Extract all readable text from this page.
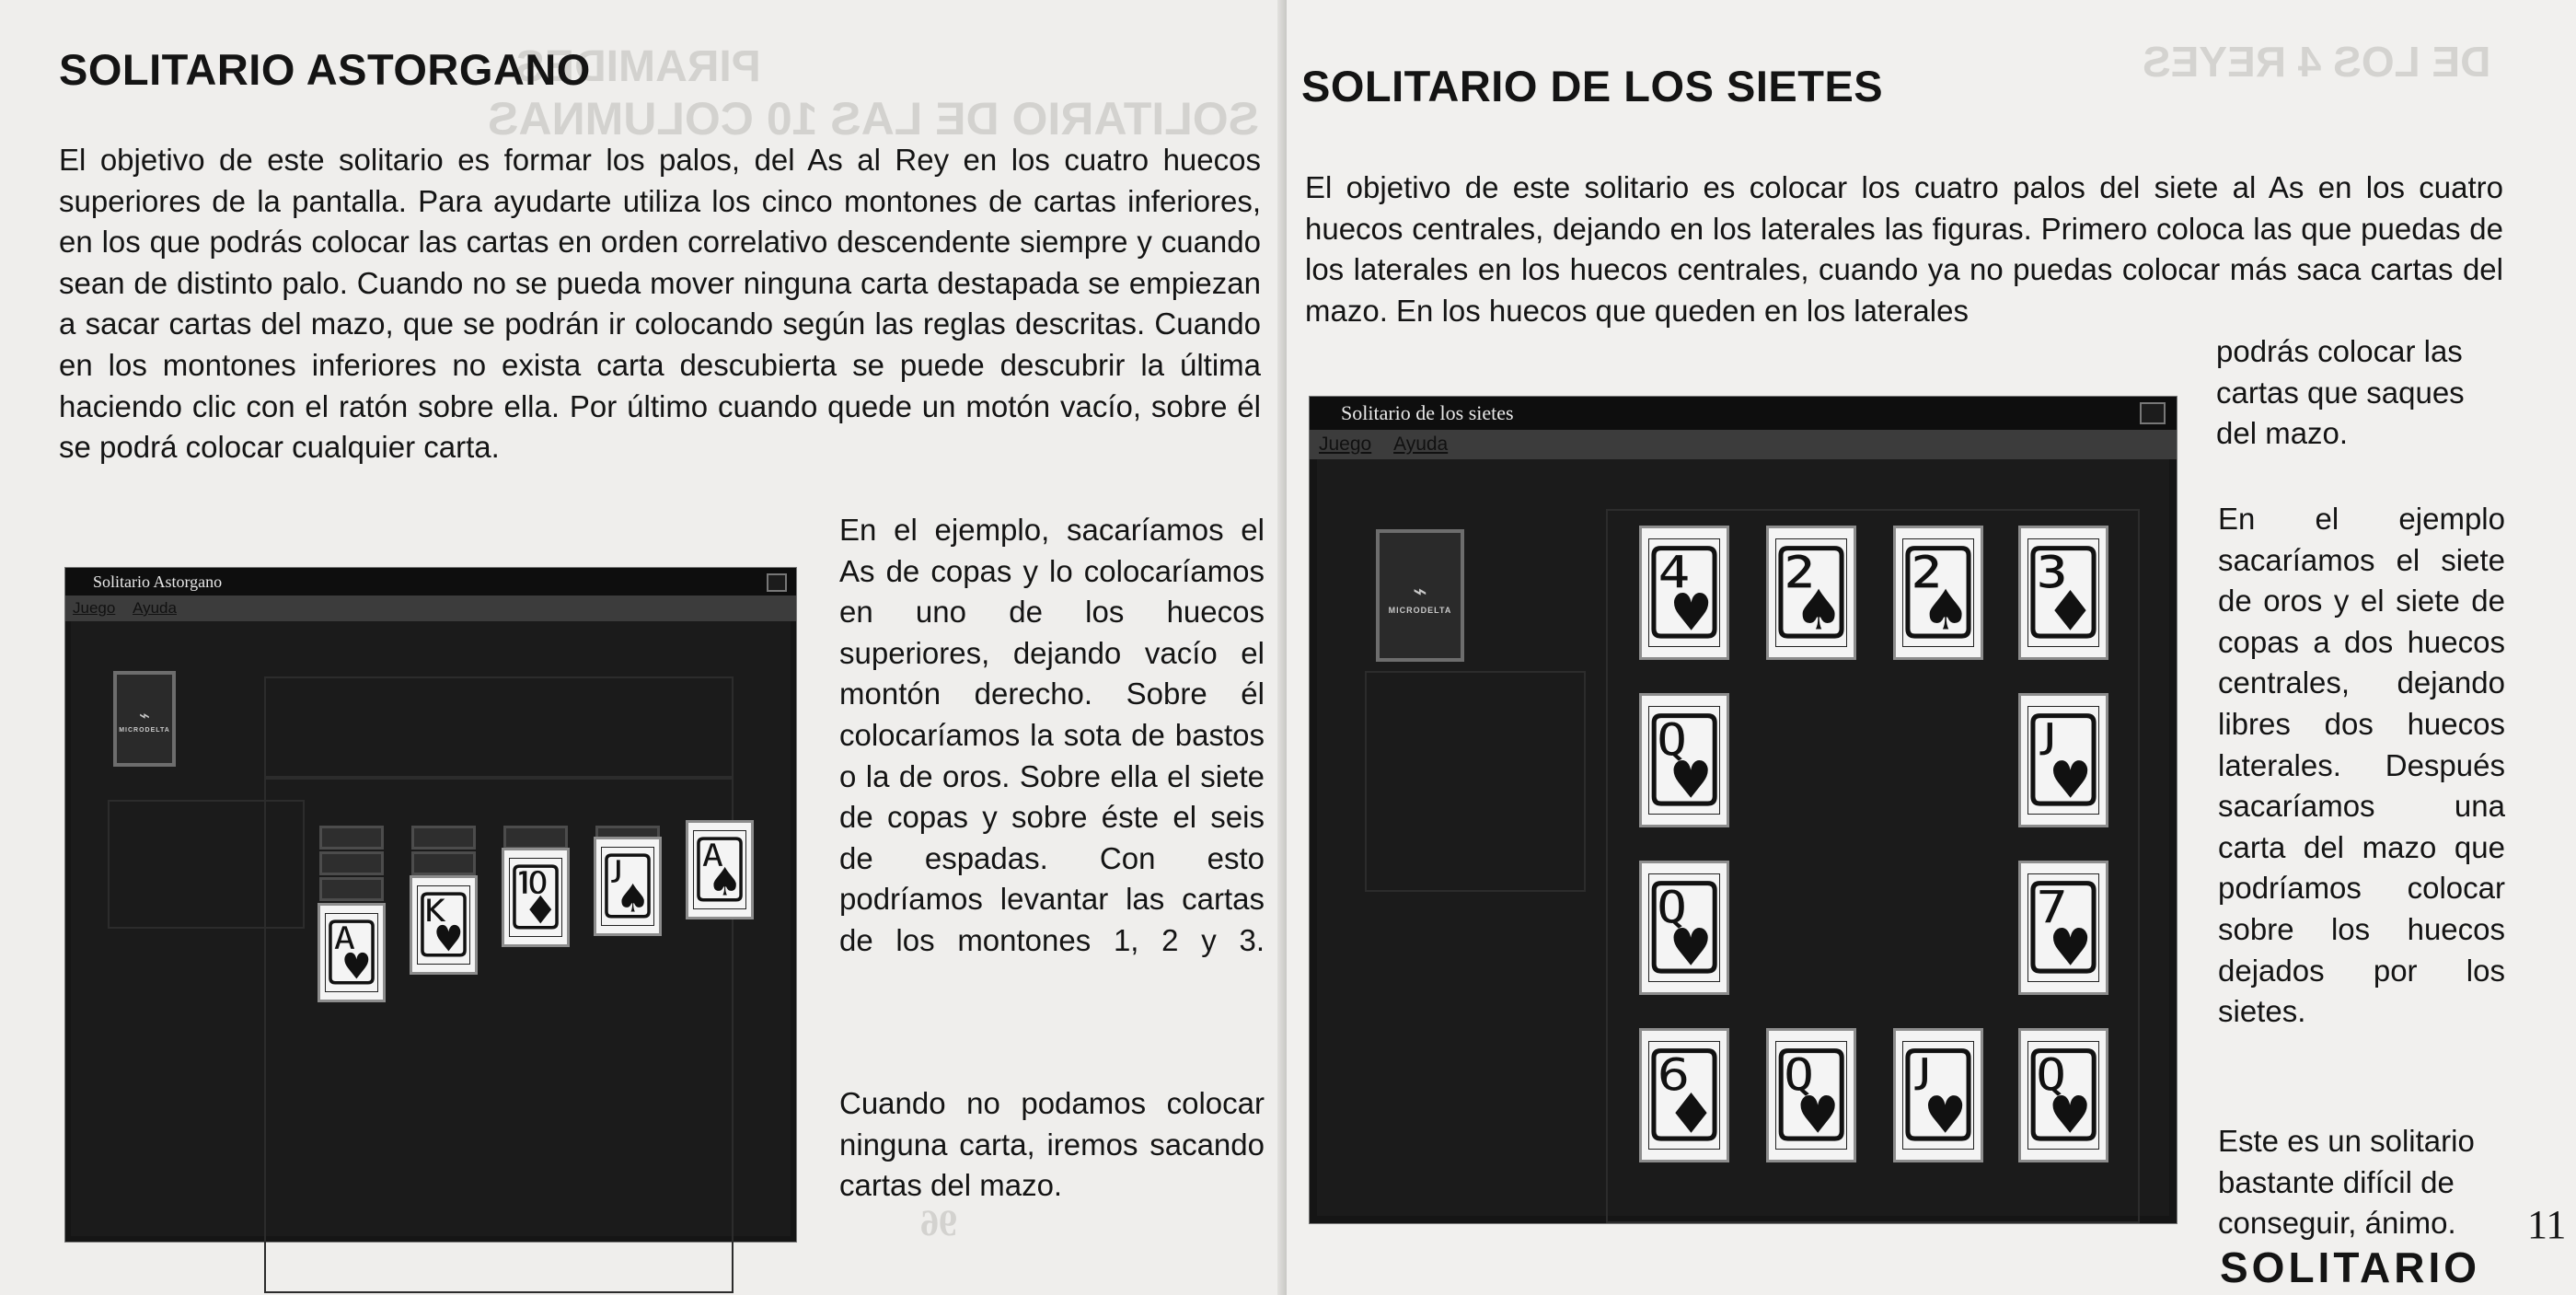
SOLITARIO DE LAS 10 COLUMNAS
PIRAMIDES
96
SOLITARIO ASTORGANO

El objetivo de este solitario es formar los palos, del As al Rey en los cuatro huecos superiores de la pantalla. Para ayudarte utiliza los cinco montones de cartas inferiores, en los que podrás colocar las cartas en orden correlativo descendente siempre y cuando sean de distinto palo. Cuando no se pueda mover ninguna carta destapada se empiezan a sacar cartas del mazo, que se podrán ir colocando según las reglas descritas. Cuando en los montones inferiores no exista carta descubierta se puede descubrir la última haciendo clic con el ratón sobre ella. Por último cuando quede un motón vacío, sobre él se podrá colocar cualquier carta.

En el ejemplo, sacaríamos el As de copas y lo colocaríamos en uno de los huecos superiores, dejando vacío el montón derecho. Sobre él colocaríamos la sota de bastos o la de oros. Sobre ella el siete de copas y sobre éste el seis de espadas. Con esto podríamos levantar las cartas de los montones 1, 2 y 3.

Cuando no podamos colocar ninguna carta, iremos sacando cartas del mazo.

Solitario Astorgano
Juego Ayuda
⌁
MICRODELTA
🂱 🂾 🃊 🂫 🂡
DE LOS 4 REYES
SOLITARIO DE LOS SIETES

El objetivo de este solitario es colocar los cuatro palos del siete al As en los cuatro huecos centrales, dejando en los laterales las figuras. Primero coloca las que puedas de los laterales en los huecos centrales, cuando ya no puedas colocar más saca cartas del mazo. En los huecos que queden en los laterales

podrás colocar las cartas que saques del mazo.

En el ejemplo sacaríamos el siete de oros y el siete de copas a dos huecos centrales, dejando libres dos huecos laterales. Después sacaríamos una carta del mazo que podríamos colocar sobre los huecos dejados por los sietes.

Este es un solitario bastante difícil de conseguir, ánimo.	11
SOLITARIO
Solitario de los sietes
Juego Ayuda
⌁
MICRODELTA 🂴 🂢 🂢 🃃
🂽	🂻
🂽	🂷
🃆 🂽 🂻 🂽
